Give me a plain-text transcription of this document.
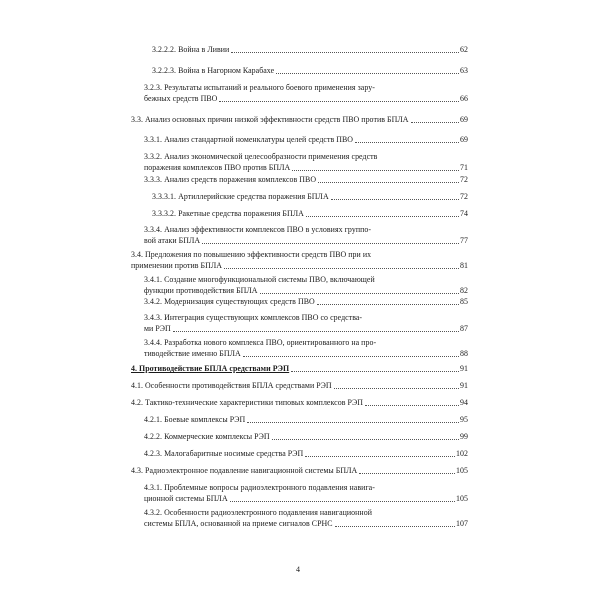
3.2.2.2. Война в Ливии	62
3.2.2.3. Война в Нагорном Карабахе	63
3.2.3. Результаты испытаний и реального боевого применения зару-
бежных средств ПВО	66
3.3. Анализ основных причин низкой эффективности средств ПВО против БПЛА	69
3.3.1. Анализ стандартной номенклатуры целей средств ПВО	69
3.3.2. Анализ экономической целесообразности применения средств
поражения комплексов ПВО против БПЛА	71
3.3.3. Анализ средств поражения комплексов ПВО	72
3.3.3.1. Артиллерийские средства поражения БПЛА	72
3.3.3.2. Ракетные средства поражения БПЛА	74
3.3.4. Анализ эффективности комплексов ПВО в условиях группо-
вой атаки БПЛА	77
3.4. Предложения по повышению эффективности средств ПВО при их
применении против БПЛА	81
3.4.1. Создание многофункциональной системы ПВО, включающей
функции противодействия БПЛА	82
3.4.2. Модернизация существующих средств ПВО	85
3.4.3. Интеграция существующих комплексов ПВО со средства-
ми РЭП	87
3.4.4. Разработка нового комплекса ПВО, ориентированного на про-
тиводействие именно БПЛА	88
4. Противодействие БПЛА средствами РЭП	91
4.1. Особенности противодействия БПЛА средствами РЭП	91
4.2. Тактико-технические характеристики типовых комплексов РЭП	94
4.2.1. Боевые комплексы РЭП	95
4.2.2. Коммерческие комплексы РЭП	99
4.2.3. Малогабаритные носимые средства РЭП	102
4.3. Радиоэлектронное подавление навигационной системы БПЛА	105
4.3.1. Проблемные вопросы радиоэлектронного подавления навига-
ционной системы БПЛА	105
4.3.2. Особенности радиоэлектронного подавления навигационной
системы БПЛА, основанной на приеме сигналов СРНС	107
4
